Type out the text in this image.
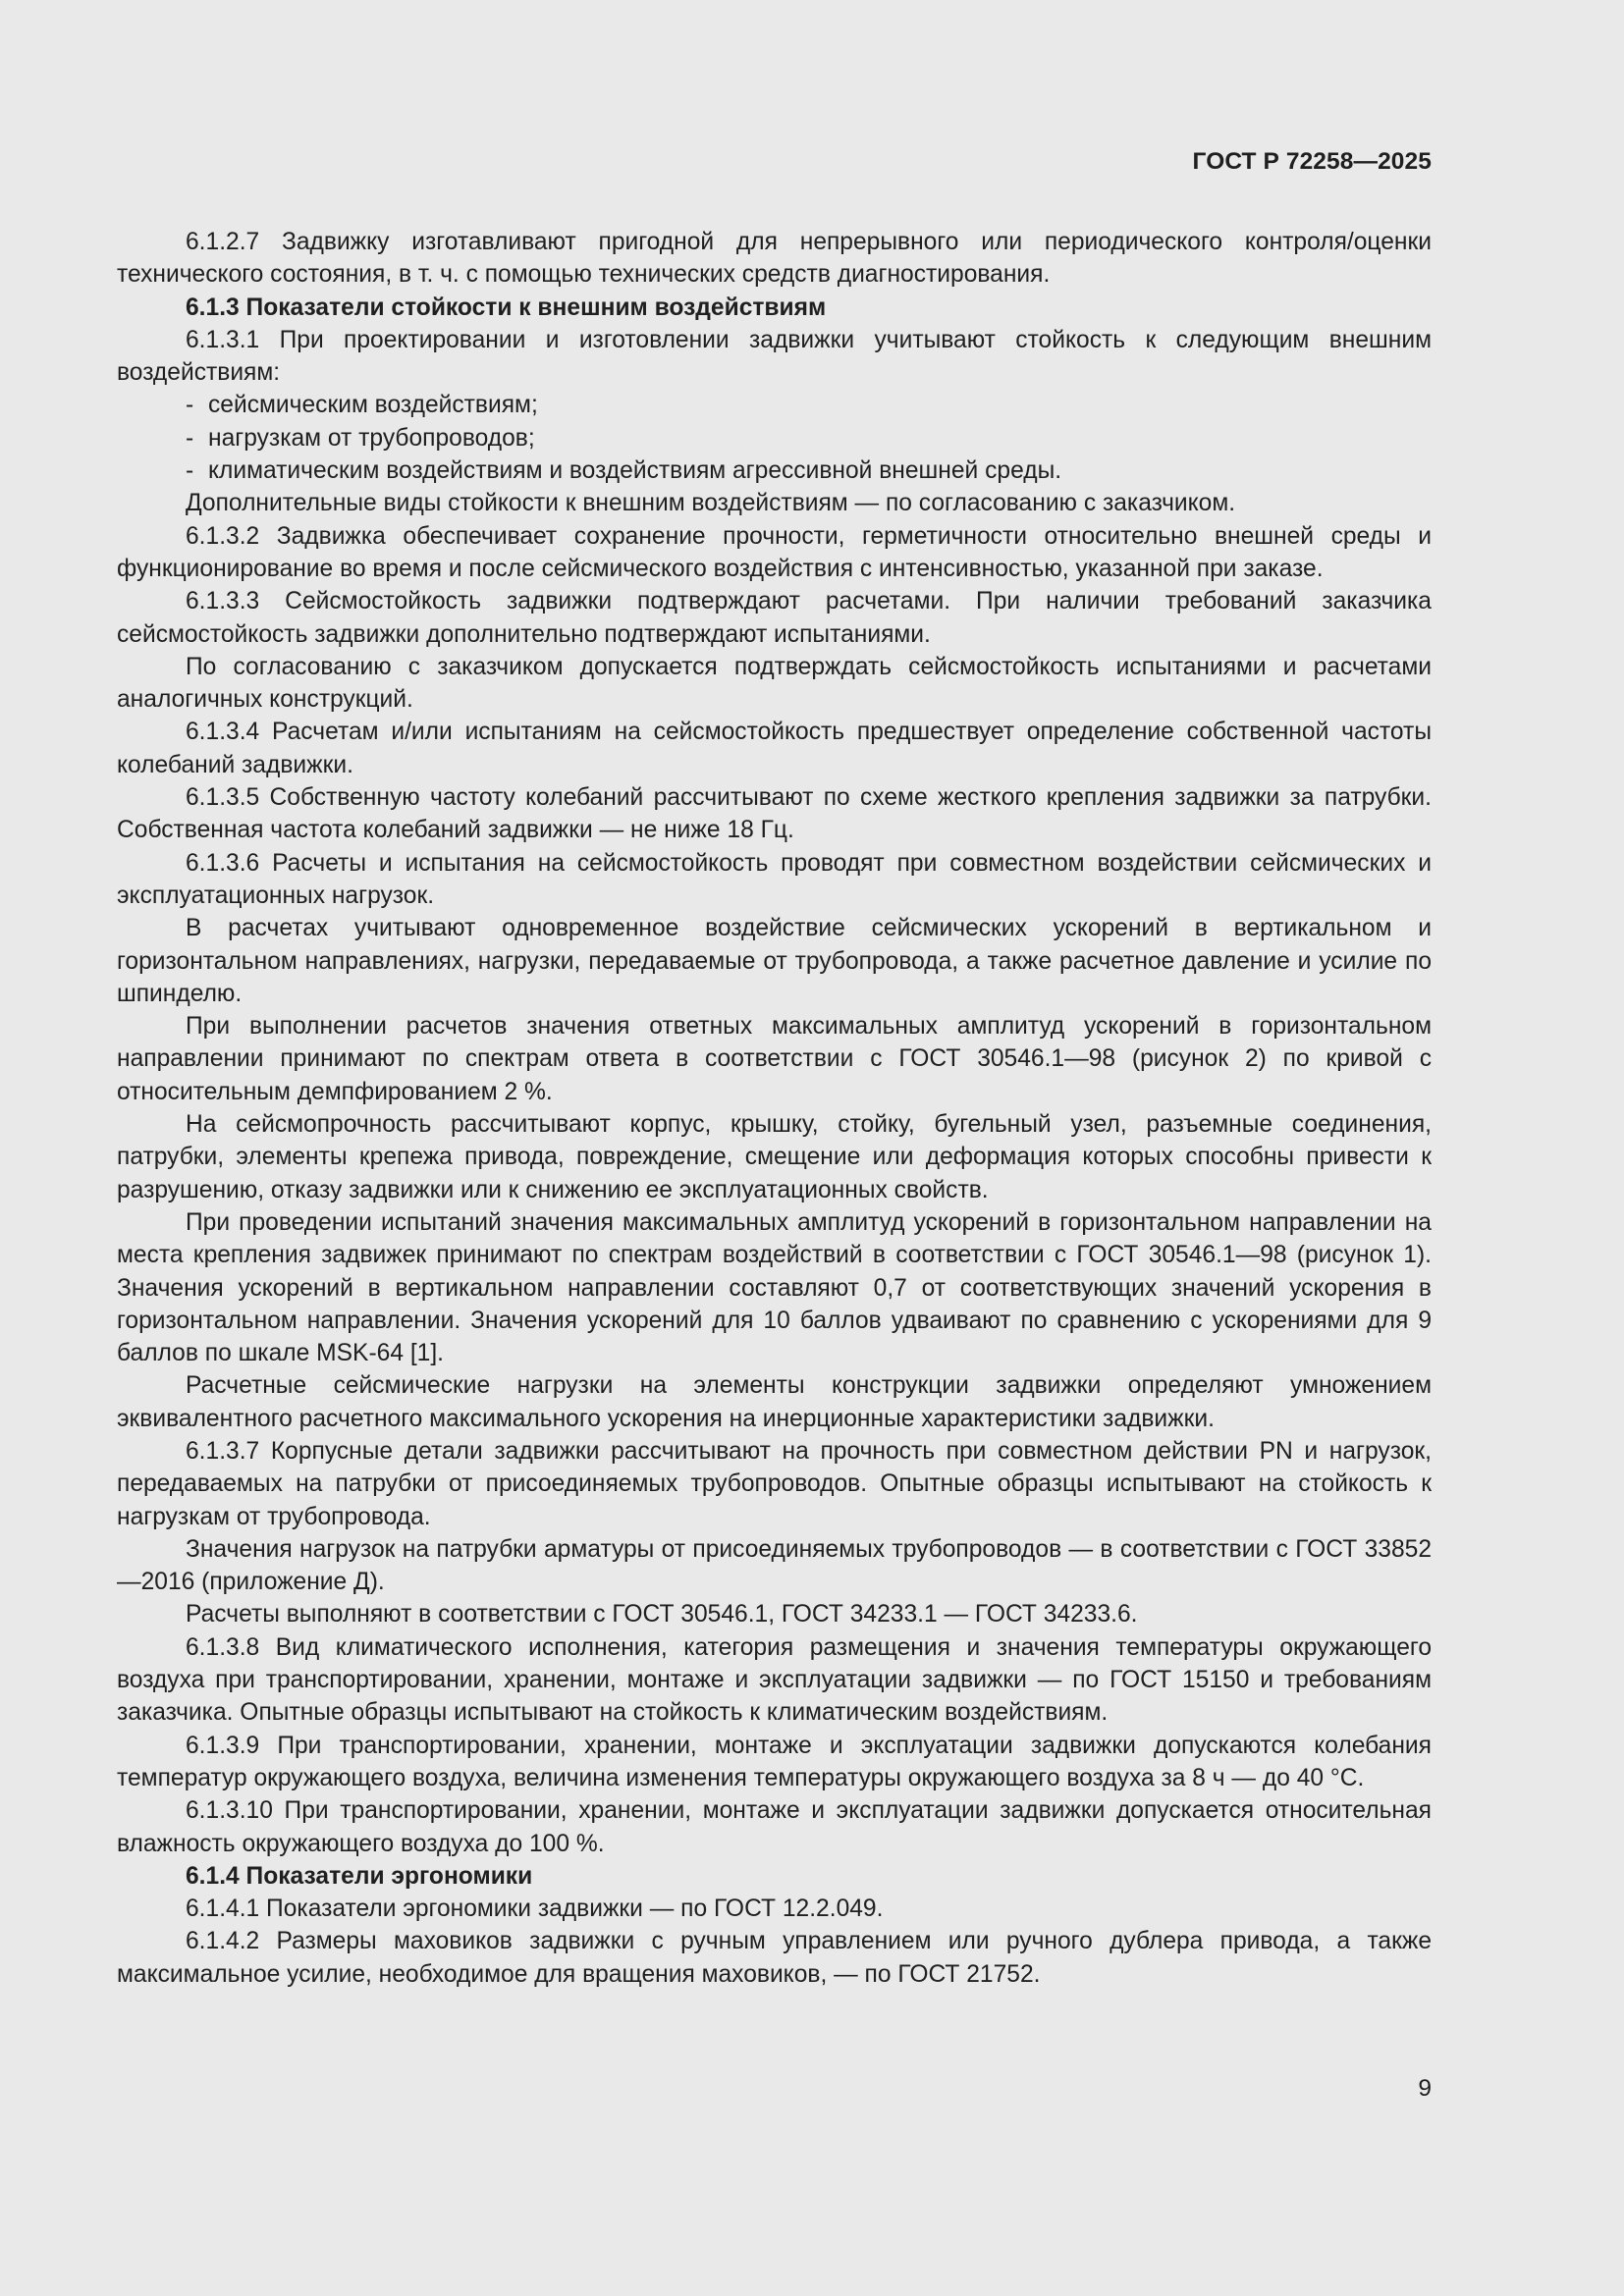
ГОСТ Р 72258—2025

6.1.2.7 Задвижку изготавливают пригодной для непрерывного или периодического контроля/оценки технического состояния, в т. ч. с помощью технических средств диагностирования.

6.1.3 Показатели стойкости к внешним воздействиям

6.1.3.1 При проектировании и изготовлении задвижки учитывают стойкость к следующим внешним воздействиям:

- сейсмическим воздействиям;

- нагрузкам от трубопроводов;

- климатическим воздействиям и воздействиям агрессивной внешней среды.

Дополнительные виды стойкости к внешним воздействиям — по согласованию с заказчиком.

6.1.3.2 Задвижка обеспечивает сохранение прочности, герметичности относительно внешней среды и функционирование во время и после сейсмического воздействия с интенсивностью, указанной при заказе.

6.1.3.3 Сейсмостойкость задвижки подтверждают расчетами. При наличии требований заказчика сейсмостойкость задвижки дополнительно подтверждают испытаниями.

По согласованию с заказчиком допускается подтверждать сейсмостойкость испытаниями и расчетами аналогичных конструкций.

6.1.3.4 Расчетам и/или испытаниям на сейсмостойкость предшествует определение собственной частоты колебаний задвижки.

6.1.3.5 Собственную частоту колебаний рассчитывают по схеме жесткого крепления задвижки за патрубки. Собственная частота колебаний задвижки — не ниже 18 Гц.

6.1.3.6 Расчеты и испытания на сейсмостойкость проводят при совместном воздействии сейсмических и эксплуатационных нагрузок.

В расчетах учитывают одновременное воздействие сейсмических ускорений в вертикальном и горизонтальном направлениях, нагрузки, передаваемые от трубопровода, а также расчетное давление и усилие по шпинделю.

При выполнении расчетов значения ответных максимальных амплитуд ускорений в горизонтальном направлении принимают по спектрам ответа в соответствии с ГОСТ 30546.1—98 (рисунок 2) по кривой с относительным демпфированием 2 %.

На сейсмопрочность рассчитывают корпус, крышку, стойку, бугельный узел, разъемные соединения, патрубки, элементы крепежа привода, повреждение, смещение или деформация которых способны привести к разрушению, отказу задвижки или к снижению ее эксплуатационных свойств.

При проведении испытаний значения максимальных амплитуд ускорений в горизонтальном направлении на места крепления задвижек принимают по спектрам воздействий в соответствии с ГОСТ 30546.1—98 (рисунок 1). Значения ускорений в вертикальном направлении составляют 0,7 от соответствующих значений ускорения в горизонтальном направлении. Значения ускорений для 10 баллов удваивают по сравнению с ускорениями для 9 баллов по шкале MSK-64 [1].

Расчетные сейсмические нагрузки на элементы конструкции задвижки определяют умножением эквивалентного расчетного максимального ускорения на инерционные характеристики задвижки.

6.1.3.7 Корпусные детали задвижки рассчитывают на прочность при совместном действии PN и нагрузок, передаваемых на патрубки от присоединяемых трубопроводов. Опытные образцы испытывают на стойкость к нагрузкам от трубопровода.

Значения нагрузок на патрубки арматуры от присоединяемых трубопроводов — в соответствии с ГОСТ 33852—2016 (приложение Д).

Расчеты выполняют в соответствии с ГОСТ 30546.1, ГОСТ 34233.1 — ГОСТ 34233.6.

6.1.3.8 Вид климатического исполнения, категория размещения и значения температуры окружающего воздуха при транспортировании, хранении, монтаже и эксплуатации задвижки — по ГОСТ 15150 и требованиям заказчика. Опытные образцы испытывают на стойкость к климатическим воздействиям.

6.1.3.9 При транспортировании, хранении, монтаже и эксплуатации задвижки допускаются колебания температур окружающего воздуха, величина изменения температуры окружающего воздуха за 8 ч — до 40 °С.

6.1.3.10 При транспортировании, хранении, монтаже и эксплуатации задвижки допускается относительная влажность окружающего воздуха до 100 %.

6.1.4 Показатели эргономики

6.1.4.1 Показатели эргономики задвижки — по ГОСТ 12.2.049.

6.1.4.2 Размеры маховиков задвижки с ручным управлением или ручного дублера привода, а также максимальное усилие, необходимое для вращения маховиков, — по ГОСТ 21752.

9
